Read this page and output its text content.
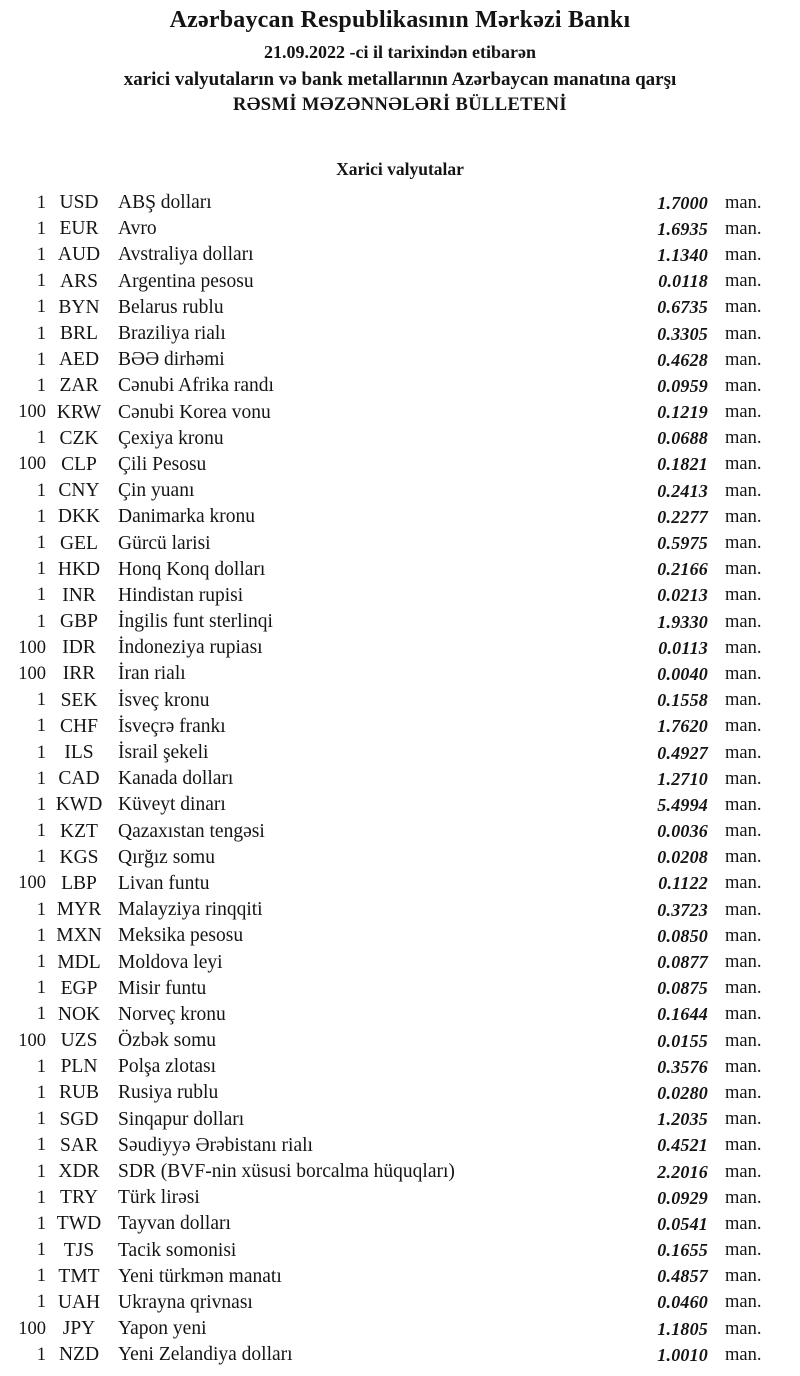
Azərbaycan Respublikasının Mərkəzi Bankı
21.09.2022 -ci il tarixindən etibarən
xarici valyutaların və bank metallarının Azərbaycan manatına qarşı
RƏSMİ MƏZƏNNƏLƏRİ BÜLLETENİ
Xarici valyutalar
1 USD	ABŞ dolları	1.7000 man.
1 EUR	Avro	1.6935 man.
1 AUD Avstraliya dolları	1.1340 man.
1 ARS	Argentina pesosu	0.0118 man.
1 BYN Belarus rublu	0.6735 man.
1 BRL	Braziliya rialı	0.3305 man.
1 AED BƏƏ dirhəmi	0.4628 man.
1 ZAR	Cənubi Afrika randı	0.0959 man.
100 KRW Cənubi Korea vonu	0.1219 man.
1 CZK	Çexiya kronu	0.0688 man.
100 CLP	Çili Pesosu	0.1821 man.
1 CNY Çin yuanı	0.2413 man.
1 DKK Danimarka kronu	0.2277 man.
1 GEL	Gürcü larisi	0.5975 man.
1 HKD Honq Konq dolları	0.2166 man.
1 INR	Hindistan rupisi	0.0213 man.
1 GBP	İngilis funt sterlinqi	1.9330 man.
100 IDR	İndoneziya rupiası	0.0113 man.
100 IRR	İran rialı	0.0040 man.
1 SEK	İsveç kronu	0.1558 man.
1 CHF	İsveçrə frankı	1.7620 man.
1 ILS	İsrail şekeli	0.4927 man.
1 CAD Kanada dolları	1.2710 man.
1 KWD Küveyt dinarı	5.4994 man.
1 KZT	Qazaxıstan tengəsi	0.0036 man.
1 KGS	Qırğız somu	0.0208 man.
100 LBP	Livan funtu	0.1122 man.
1 MYR Malayziya rinqqiti	0.3723 man.
1 MXN Meksika pesosu	0.0850 man.
1 MDL Moldova leyi	0.0877 man.
1 EGP	Misir funtu	0.0875 man.
1 NOK Norveç kronu	0.1644 man.
100 UZS	Özbək somu	0.0155 man.
1 PLN	Polşa zlotası	0.3576 man.
1 RUB Rusiya rublu	0.0280 man.
1 SGD	Sinqapur dolları	1.2035 man.
1 SAR	Səudiyyə Ərəbistanı rialı	0.4521 man.
1 XDR SDR (BVF-nin xüsusi borcalma hüquqları)	2.2016 man.
1 TRY	Türk lirəsi	0.0929 man.
1 TWD Tayvan dolları	0.0541 man.
1 TJS	Tacik somonisi	0.1655 man.
1 TMT Yeni türkmən manatı	0.4857 man.
1 UAH Ukrayna qrivnası	0.0460 man.
100 JPY	Yapon yeni	1.1805 man.
1 NZD Yeni Zelandiya dolları	1.0010 man.
